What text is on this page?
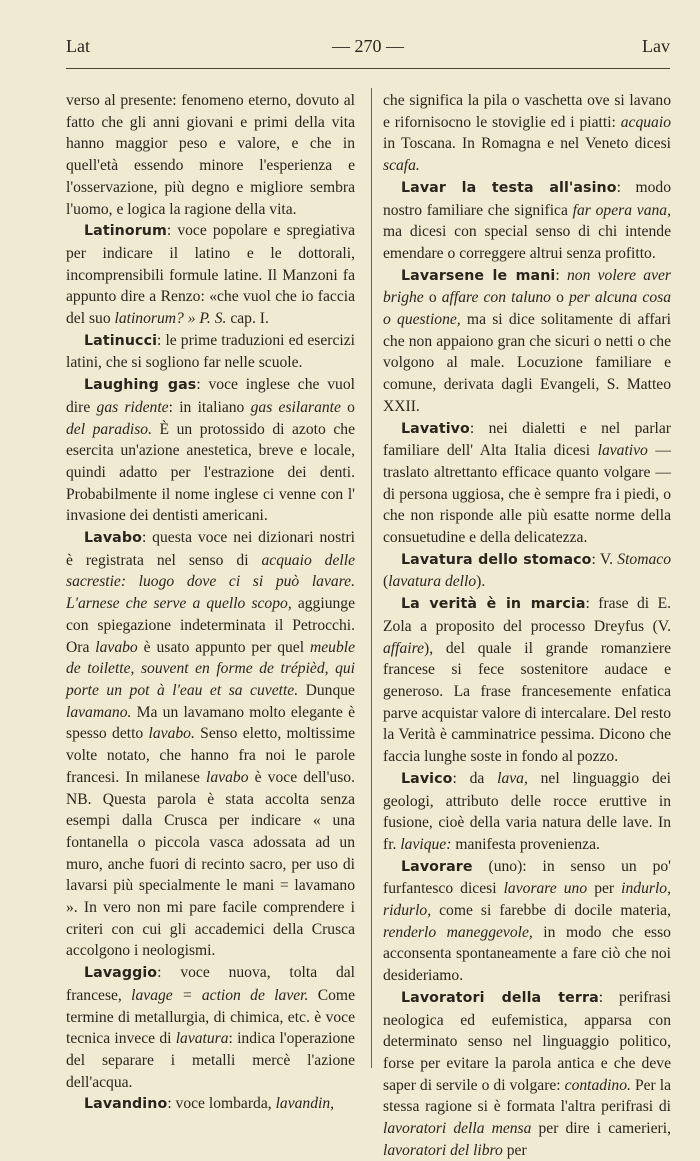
Lat	— 270 —	Lav

verso al presente: fenomeno eterno, dovuto al fatto che gli anni giovani e primi della vita hanno maggior peso e valore, e che in quell'età essendo minore l'esperienza e l'osservazione, più degno e migliore sembra l'uomo, e logica la ragione della vita.

Latinorum: voce popolare e spregiativa per indicare il latino e le dottorali, incomprensibili formule latine. Il Manzoni fa appunto dire a Renzo: «che vuol che io faccia del suo latinorum? » P. S. cap. I.

Latinucci: le prime traduzioni ed esercizi latini, che si sogliono far nelle scuole.

Laughing gas: voce inglese che vuol dire gas ridente: in italiano gas esilarante o del paradiso. È un protossido di azoto che esercita un'azione anestetica, breve e locale, quindi adatto per l'estrazione dei denti. Probabilmente il nome inglese ci venne con l' invasione dei dentisti americani.

Lavabo: questa voce nei dizionari nostri è registrata nel senso di acquaio delle sacrestie: luogo dove ci si può lavare. L'arnese che serve a quello scopo, aggiunge con spiegazione indeterminata il Petrocchi. Ora lavabo è usato appunto per quel meuble de toilette, souvent en forme de trépièd, qui porte un pot à l'eau et sa cuvette. Dunque lavamano. Ma un lavamano molto elegante è spesso detto lavabo. Senso eletto, moltissime volte notato, che hanno fra noi le parole francesi. In milanese lavabo è voce dell'uso. NB. Questa parola è stata accolta senza esempi dalla Crusca per indicare « una fontanella o piccola vasca adossata ad un muro, anche fuori di recinto sacro, per uso di lavarsi più specialmente le mani = lavamano ». In vero non mi pare facile comprendere i criteri con cui gli accademici della Crusca accolgono i neologismi.

Lavaggio: voce nuova, tolta dal francese, lavage = action de laver. Come termine di metallurgia, di chimica, etc. è voce tecnica invece di lavatura: indica l'operazione del separare i metalli mercè l'azione dell'acqua.

Lavandino: voce lombarda, lavandin,

che significa la pila o vaschetta ove si lavano e rifornisocno le stoviglie ed i piatti: acquaio in Toscana. In Romagna e nel Veneto dicesi scafa.

Lavar la testa all'asino: modo nostro familiare che significa far opera vana, ma dicesi con special senso di chi intende emendare o correggere altrui senza profitto.

Lavarsene le mani: non volere aver brighe o affare con taluno o per alcuna cosa o questione, ma si dice solitamente di affari che non appaiono gran che sicuri o netti o che volgono al male. Locuzione familiare e comune, derivata dagli Evangeli, S. Matteo XXII.

Lavativo: nei dialetti e nel parlar familiare dell' Alta Italia dicesi lavativo — traslato altrettanto efficace quanto volgare — di persona uggiosa, che è sempre fra i piedi, o che non risponde alle più esatte norme della consuetudine e della delicatezza.

Lavatura dello stomaco: V. Stomaco (lavatura dello).

La verità è in marcia: frase di E. Zola a proposito del processo Dreyfus (V. affaire), del quale il grande romanziere francese si fece sostenitore audace e generoso. La frase francesemente enfatica parve acquistar valore di intercalare. Del resto la Verità è camminatrice pessima. Dicono che faccia lunghe soste in fondo al pozzo.

Lavico: da lava, nel linguaggio dei geologi, attributo delle rocce eruttive in fusione, cioè della varia natura delle lave. In fr. lavique: manifesta provenienza.

Lavorare (uno): in senso un po' furfantesco dicesi lavorare uno per indurlo, ridurlo, come si farebbe di docile materia, renderlo maneggevole, in modo che esso acconsenta spontaneamente a fare ciò che noi desideriamo.

Lavoratori della terra: perifrasi neologica ed eufemistica, apparsa con determinato senso nel linguaggio politico, forse per evitare la parola antica e che deve saper di servile o di volgare: contadino. Per la stessa ragione si è formata l'altra perifrasi di lavoratori della mensa per dire i camerieri, lavoratori del libro per
